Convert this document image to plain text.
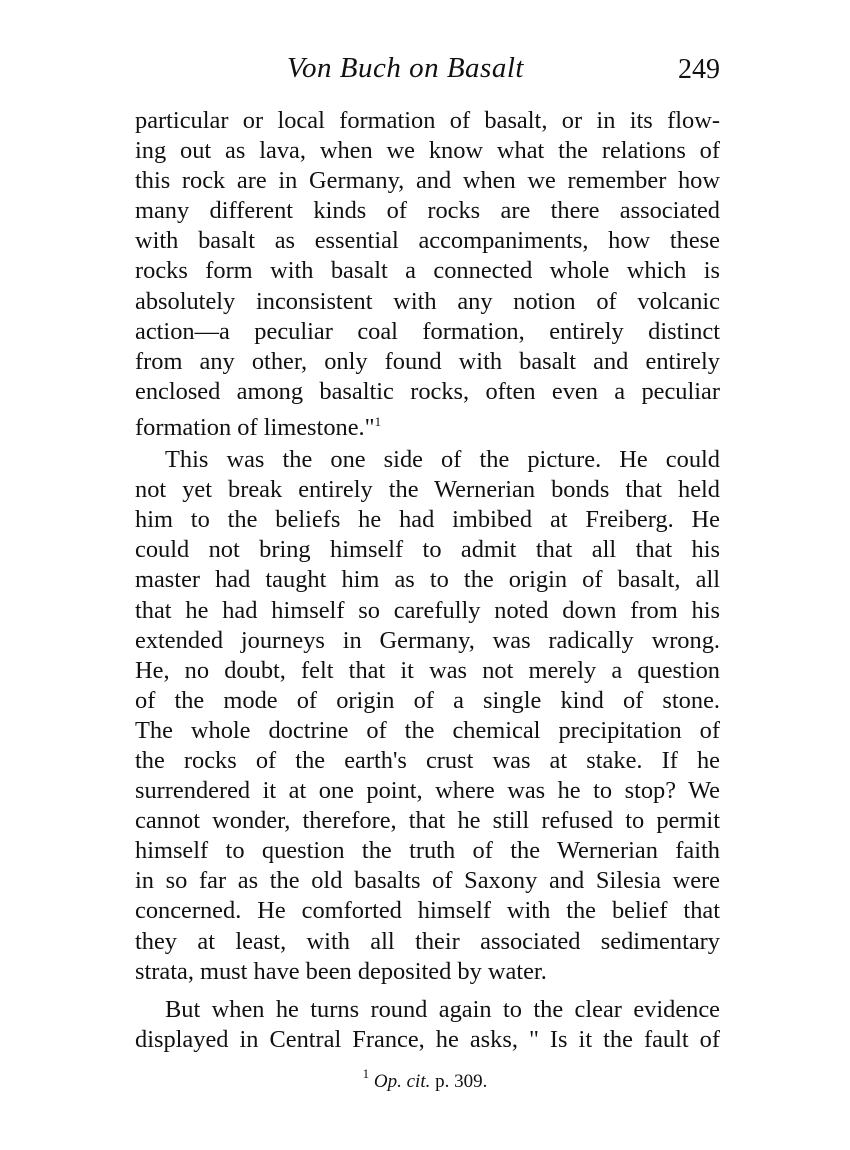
Von Buch on Basalt	249
particular or local formation of basalt, or in its flow-
ing out as lava, when we know what the relations of
this rock are in Germany, and when we remember how
many different kinds of rocks are there associated
with basalt as essential accompaniments, how these
rocks form with basalt a connected whole which is
absolutely inconsistent with any notion of volcanic
action—a peculiar coal formation, entirely distinct
from any other, only found with basalt and entirely
enclosed among basaltic rocks, often even a peculiar
formation of limestone."$^1$
This was the one side of the picture. He could
not yet break entirely the Wernerian bonds that held
him to the beliefs he had imbibed at Freiberg. He
could not bring himself to admit that all that his
master had taught him as to the origin of basalt, all
that he had himself so carefully noted down from his
extended journeys in Germany, was radically wrong.
He, no doubt, felt that it was not merely a question
of the mode of origin of a single kind of stone.
The whole doctrine of the chemical precipitation of
the rocks of the earth's crust was at stake. If he
surrendered it at one point, where was he to stop? We
cannot wonder, therefore, that he still refused to permit
himself to question the truth of the Wernerian faith
in so far as the old basalts of Saxony and Silesia were
concerned. He comforted himself with the belief that
they at least, with all their associated sedimentary
strata, must have been deposited by water.
But when he turns round again to the clear evidence
displayed in Central France, he asks, " Is it the fault of
$^1$ Op. cit. p. 309.
